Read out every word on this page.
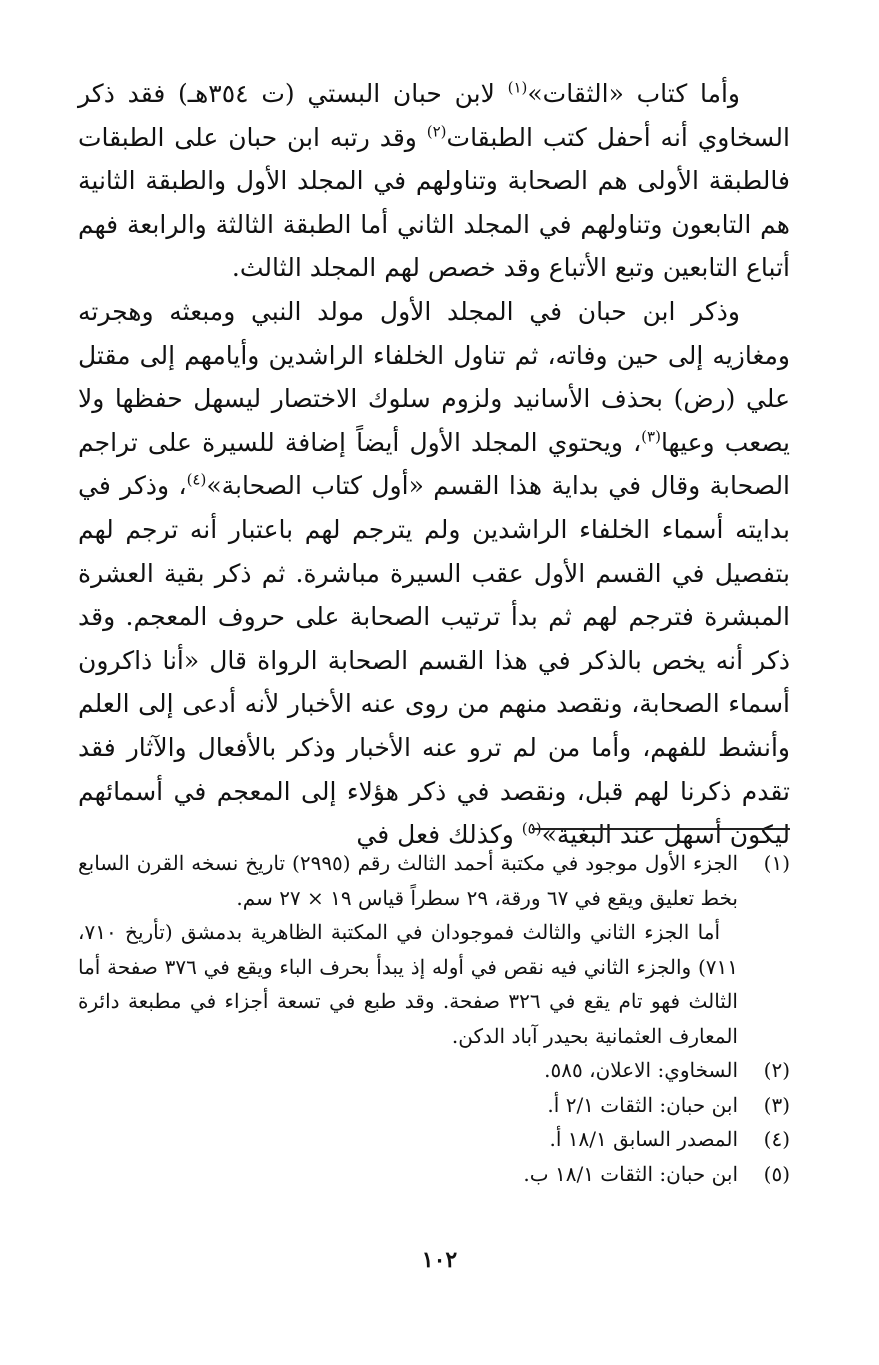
وأما كتاب «الثقات»$^{(١)}$ لابن حبان البستي (ت ٣٥٤هـ) فقد ذكر السخاوي أنه أحفل كتب الطبقات$^{(٢)}$ وقد رتبه ابن حبان على الطبقات فالطبقة الأولى هم الصحابة وتناولهم في المجلد الأول والطبقة الثانية هم التابعون وتناولهم في المجلد الثاني أما الطبقة الثالثة والرابعة فهم أتباع التابعين وتبع الأتباع وقد خصص لهم المجلد الثالث.

وذكر ابن حبان في المجلد الأول مولد النبي ومبعثه وهجرته ومغازيه إلى حين وفاته، ثم تناول الخلفاء الراشدين وأيامهم إلى مقتل علي (رض) بحذف الأسانيد ولزوم سلوك الاختصار ليسهل حفظها ولا يصعب وعيها$^{(٣)}$، ويحتوي المجلد الأول أيضاً إضافة للسيرة على تراجم الصحابة وقال في بداية هذا القسم «أول كتاب الصحابة»$^{(٤)}$، وذكر في بدايته أسماء الخلفاء الراشدين ولم يترجم لهم باعتبار أنه ترجم لهم بتفصيل في القسم الأول عقب السيرة مباشرة. ثم ذكر بقية العشرة المبشرة فترجم لهم ثم بدأ ترتيب الصحابة على حروف المعجم. وقد ذكر أنه يخص بالذكر في هذا القسم الصحابة الرواة قال «أنا ذاكرون أسماء الصحابة، ونقصد منهم من روى عنه الأخبار لأنه أدعى إلى العلم وأنشط للفهم، وأما من لم ترو عنه الأخبار وذكر بالأفعال والآثار فقد تقدم ذكرنا لهم قبل، ونقصد في ذكر هؤلاء إلى المعجم في أسمائهم ليكون أسهل عند البغية»$^{(٥)}$ وكذلك فعل في

(١)
الجزء الأول موجود في مكتبة أحمد الثالث رقم (٢٩٩٥) تاريخ نسخه القرن السابع بخط تعليق ويقع في ٦٧ ورقة، ٢٩ سطراً قياس ١٩ × ٢٧ سم.
أما الجزء الثاني والثالث فموجودان في المكتبة الظاهرية بدمشق (تأريخ ٧١٠، ٧١١) والجزء الثاني فيه نقص في أوله إذ يبدأ بحرف الباء ويقع في ٣٧٦ صفحة أما الثالث فهو تام يقع في ٣٢٦ صفحة. وقد طبع في تسعة أجزاء في مطبعة دائرة المعارف العثمانية بحيدر آباد الدكن.
(٢)
السخاوي: الاعلان، ٥٨٥.
(٣)
ابن حبان: الثقات ٢/١ أ.
(٤)
المصدر السابق ١٨/١ أ.
(٥)
ابن حبان: الثقات ١٨/١ ب.
١٠٢
